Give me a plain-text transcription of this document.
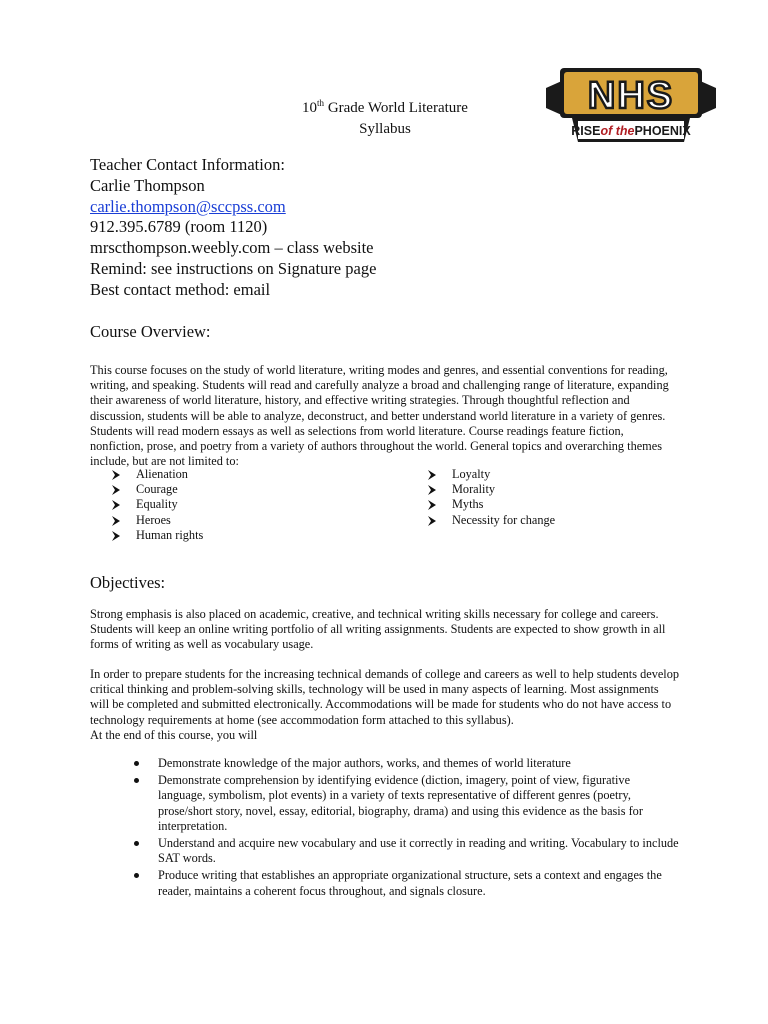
10th Grade World Literature
Syllabus
NHS
RISEof thePHOENIX
Teacher Contact Information:
Carlie Thompson
carlie.thompson@sccpss.com
912.395.6789 (room 1120)
mrscthompson.weebly.com – class website
Remind: see instructions on Signature page
Best contact method: email
Course Overview:

This course focuses on the study of world literature, writing modes and genres, and essential conventions for reading, writing, and speaking. Students will read and carefully analyze a broad and challenging range of literature, expanding their awareness of world literature, history, and effective writing strategies. Through thoughtful reflection and discussion, students will be able to analyze, deconstruct, and better understand world literature in a variety of genres. Students will read modern essays as well as selections from world literature. Course readings feature fiction, nonfiction, prose, and poetry from a variety of authors throughout the world. General topics and overarching themes include, but are not limited to:

Alienation
Courage
Equality
Heroes
Human rights
Loyalty
Morality
Myths
Necessity for change
Objectives:

Strong emphasis is also placed on academic, creative, and technical writing skills necessary for college and careers. Students will keep an online writing portfolio of all writing assignments. Students are expected to show growth in all forms of writing as well as vocabulary usage.

In order to prepare students for the increasing technical demands of college and careers as well to help students develop critical thinking and problem-solving skills, technology will be used in many aspects of learning. Most assignments will be completed and submitted electronically. Accommodations will be made for students who do not have access to technology requirements at home (see accommodation form attached to this syllabus).

At the end of this course, you will

Demonstrate knowledge of the major authors, works, and themes of world literature
Demonstrate comprehension by identifying evidence (diction, imagery, point of view, figurative language, symbolism, plot events) in a variety of texts representative of different genres (poetry, prose/short story, novel, essay, editorial, biography, drama) and using this evidence as the basis for interpretation.
Understand and acquire new vocabulary and use it correctly in reading and writing. Vocabulary to include SAT words.
Produce writing that establishes an appropriate organizational structure, sets a context and engages the reader, maintains a coherent focus throughout, and signals closure.
